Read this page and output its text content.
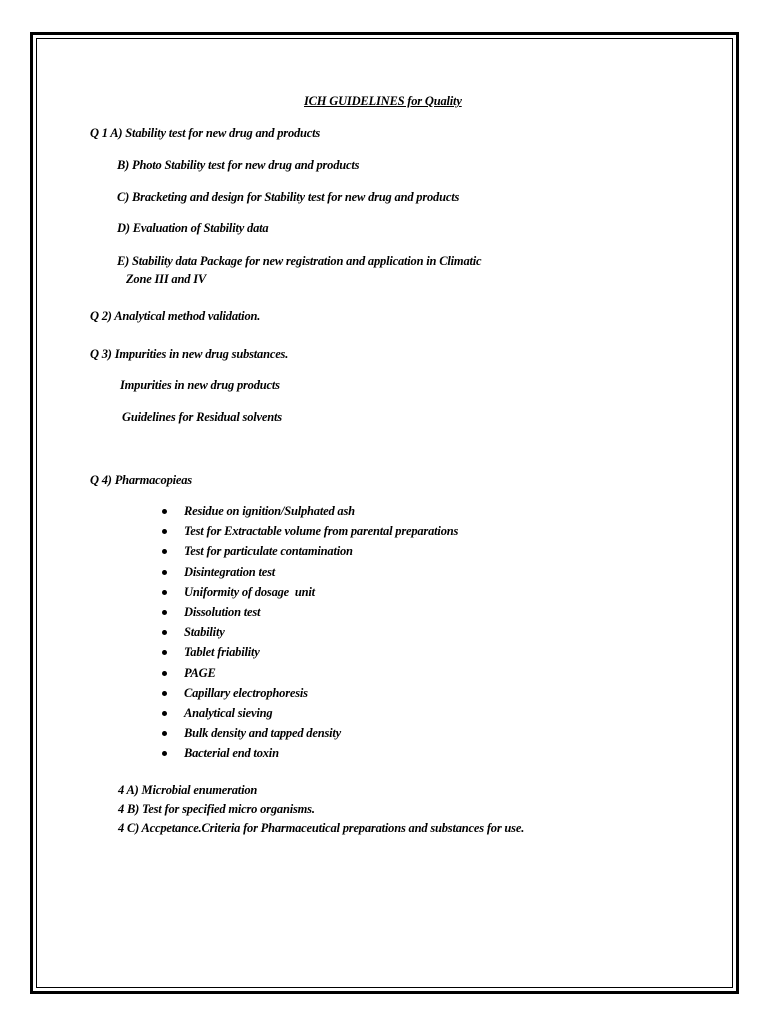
ICH GUIDELINES for Quality
Q 1 A) Stability test for new drug and products
B) Photo Stability test for new drug and products
C) Bracketing and design for Stability test for new drug and products
D) Evaluation of Stability data
E) Stability data Package for new registration and application in Climatic
Zone III and IV
Q 2) Analytical method validation.
Q 3) Impurities in new drug substances.
Impurities in new drug products
Guidelines for Residual solvents
Q 4) Pharmacopieas
Residue on ignition/Sulphated ash
Test for Extractable volume from parental preparations
Test for particulate contamination
Disintegration test
Uniformity of dosage  unit
Dissolution test
Stability
Tablet friability
PAGE
Capillary electrophoresis
Analytical sieving
Bulk density and tapped density
Bacterial end toxin
4 A) Microbial enumeration
4 B) Test for specified micro organisms.
4 C) Accpetance.Criteria for Pharmaceutical preparations and substances for use.
